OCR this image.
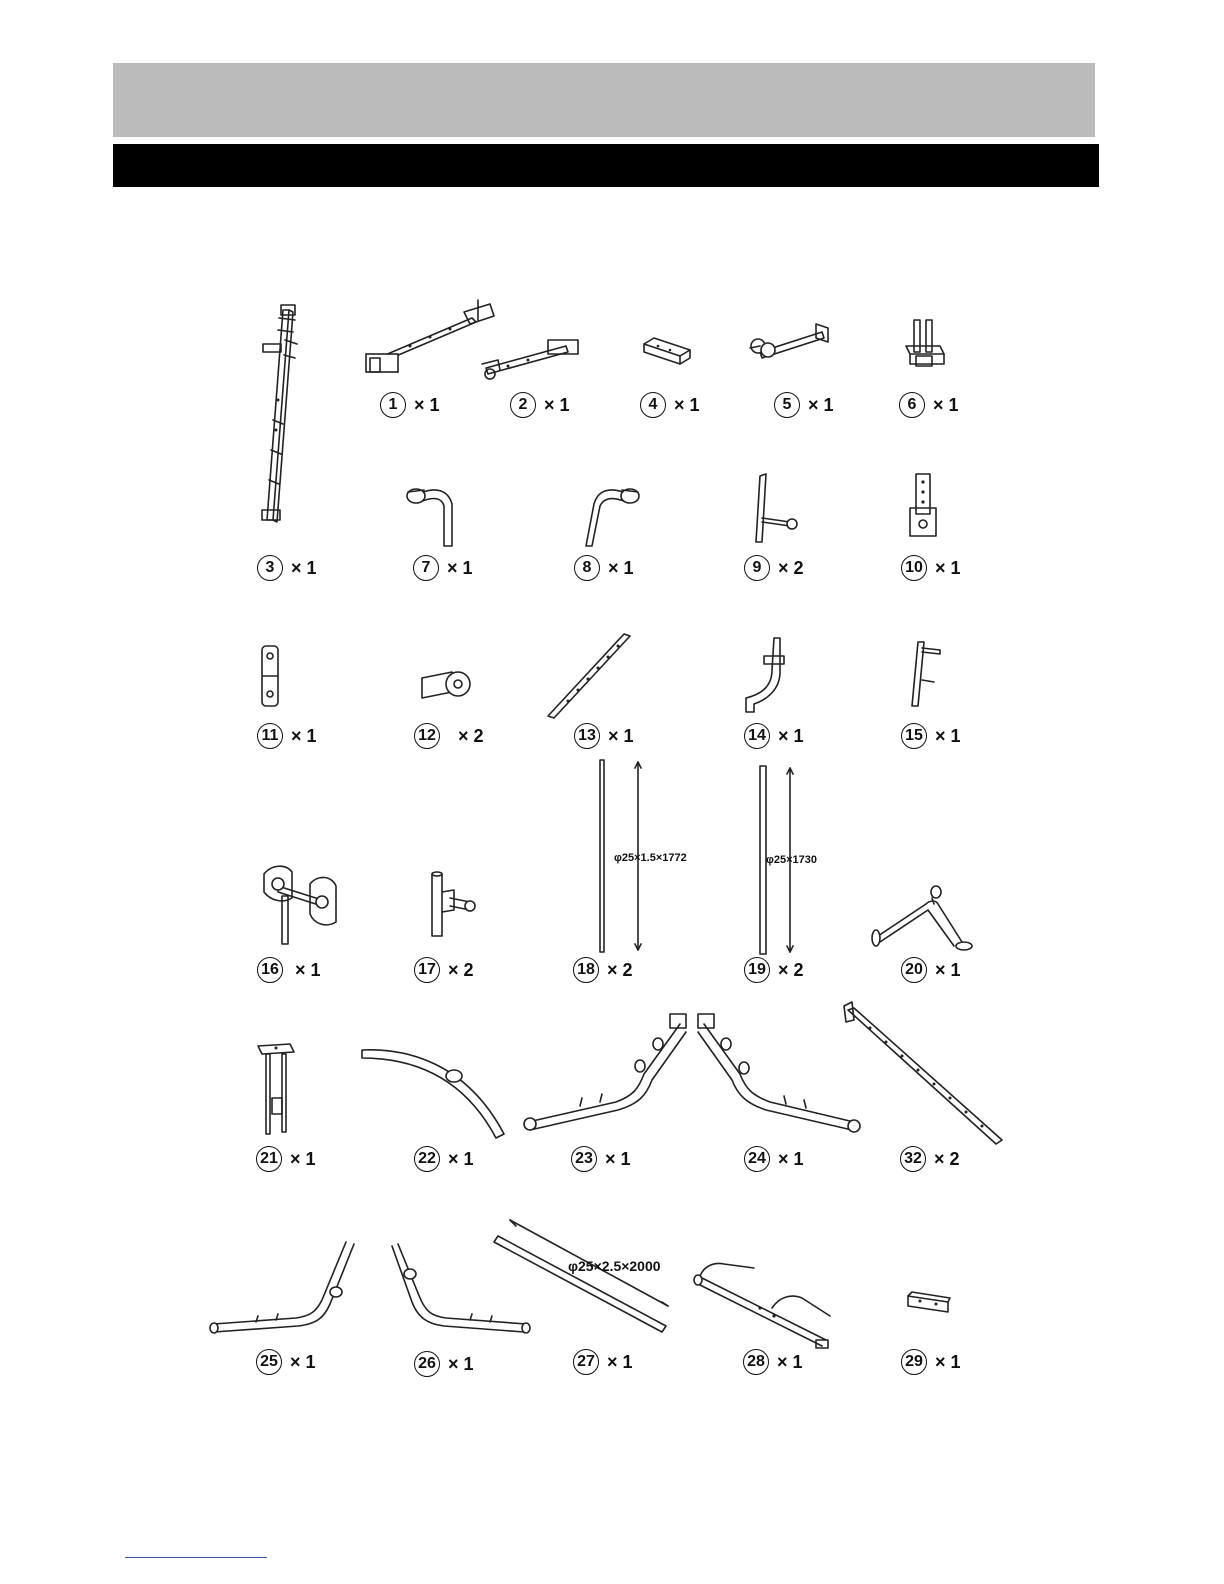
φ25×1.5×1772	φ25×1730
φ25×2.5×2000
1 × 1	2 × 1	4 × 1	5 × 1	6 × 1
3 × 1	7 × 1	8 × 1	9 × 2	10 × 1
11 × 1	12 × 2	13 × 1	14 × 1	15 × 1
16 × 1	17 × 2	18 × 2	19 × 2	20 × 1
21 × 1	22 × 1	23 × 1	24 × 1	32 × 2
25 × 1	26 × 1	27 × 1	28 × 1	29 × 1
